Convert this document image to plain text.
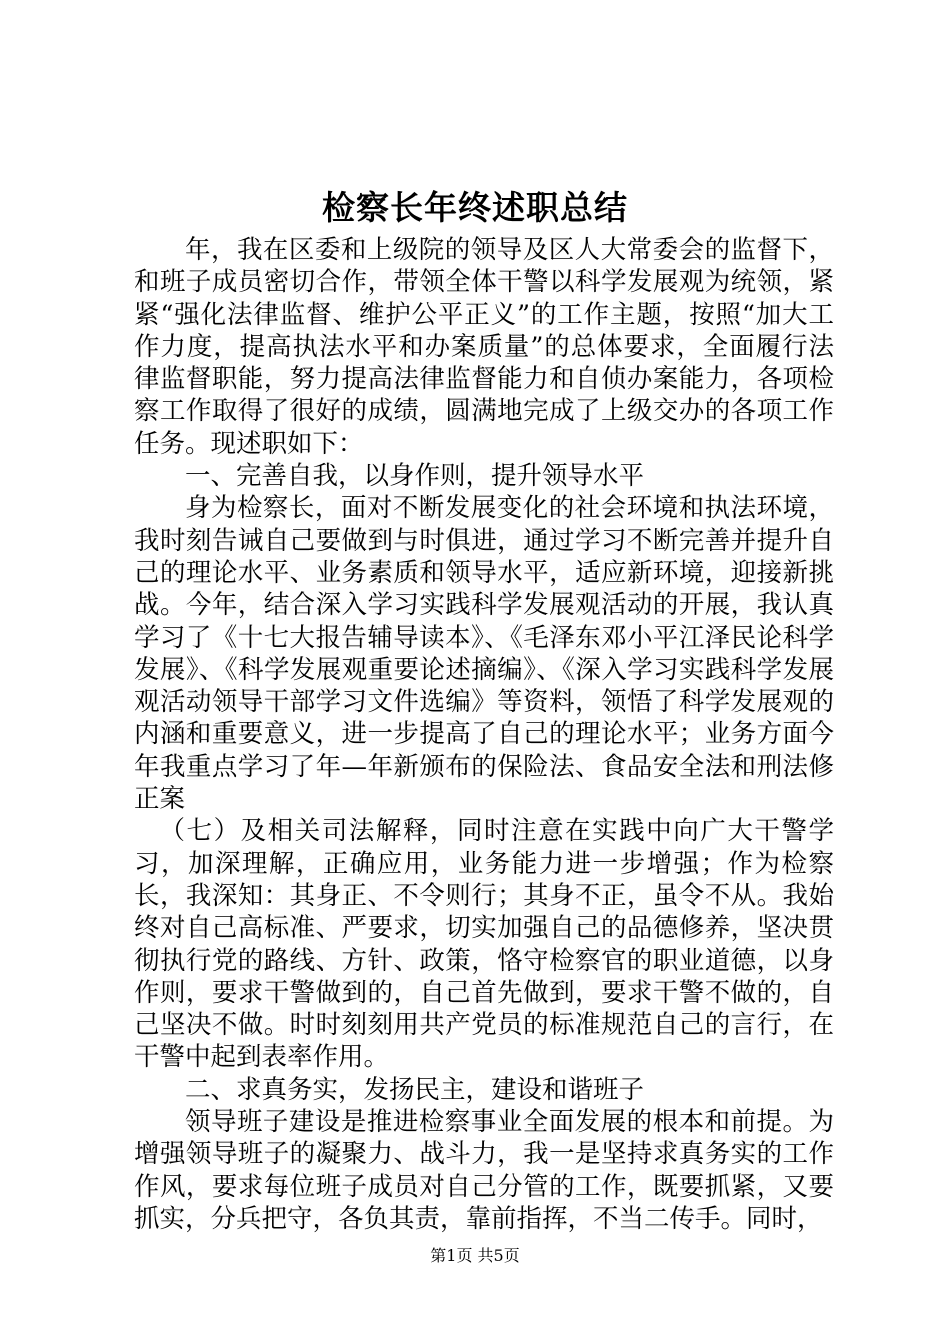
检察长年终述职总结

年，我在区委和上级院的领导及区人大常委会的监督下，和班子成员密切合作，带领全体干警以科学发展观为统领，紧紧“强化法律监督、维护公平正义”的工作主题，按照“加大工作力度，提高执法水平和办案质量”的总体要求，全面履行法律监督职能，努力提高法律监督能力和自侦办案能力，各项检察工作取得了很好的成绩，圆满地完成了上级交办的各项工作任务。现述职如下：

一、完善自我，以身作则，提升领导水平

身为检察长，面对不断发展变化的社会环境和执法环境，我时刻告诫自己要做到与时俱进，通过学习不断完善并提升自己的理论水平、业务素质和领导水平，适应新环境，迎接新挑战。今年，结合深入学习实践科学发展观活动的开展，我认真学习了《十七大报告辅导读本》、《毛泽东邓小平江泽民论科学发展》、《科学发展观重要论述摘编》、《深入学习实践科学发展观活动领导干部学习文件选编》等资料，领悟了科学发展观的内涵和重要意义，进一步提高了自己的理论水平；业务方面今年我重点学习了年—年新颁布的保险法、食品安全法和刑法修正案

（七）及相关司法解释，同时注意在实践中向广大干警学习，加深理解，正确应用，业务能力进一步增强；作为检察长，我深知：其身正、不令则行；其身不正，虽令不从。我始终对自己高标准、严要求，切实加强自己的品德修养，坚决贯彻执行党的路线、方针、政策，恪守检察官的职业道德，以身作则，要求干警做到的，自己首先做到，要求干警不做的，自己坚决不做。时时刻刻用共产党员的标准规范自己的言行，在干警中起到表率作用。

二、求真务实，发扬民主，建设和谐班子

领导班子建设是推进检察事业全面发展的根本和前提。为增强领导班子的凝聚力、战斗力，我一是坚持求真务实的工作作风，要求每位班子成员对自己分管的工作，既要抓紧，又要抓实，分兵把守，各负其责，靠前指挥，不当二传手。同时，

第1页 共5页
